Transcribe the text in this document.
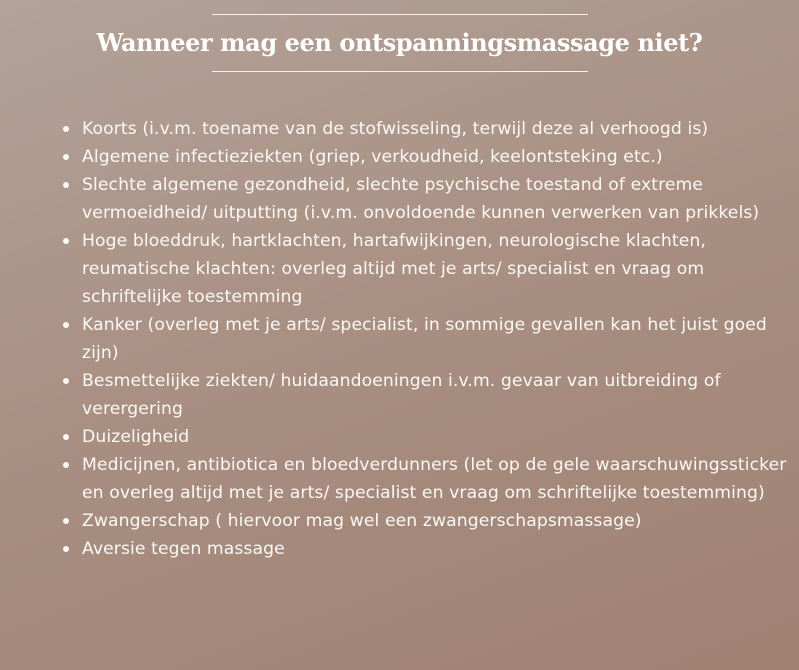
Wanneer mag een ontspanningsmassage niet?
Koorts (i.v.m. toename van de stofwisseling, terwijl deze al verhoogd is)
Algemene infectieziekten (griep, verkoudheid, keelontsteking etc.)
Slechte algemene gezondheid, slechte psychische toestand of extreme vermoeidheid/ uitputting (i.v.m. onvoldoende kunnen verwerken van prikkels)
Hoge bloeddruk, hartklachten, hartafwijkingen, neurologische klachten, reumatische klachten: overleg altijd met je arts/ specialist en vraag om schriftelijke toestemming
Kanker (overleg met je arts/ specialist, in sommige gevallen kan het juist goed zijn)
Besmettelijke ziekten/ huidaandoeningen i.v.m. gevaar van uitbreiding of verergering
Duizeligheid
Medicijnen, antibiotica en bloedverdunners (let op de gele waarschuwingssticker en overleg altijd met je arts/ specialist en vraag om schriftelijke toestemming)
Zwangerschap ( hiervoor mag wel een zwangerschapsmassage)
Aversie tegen massage
